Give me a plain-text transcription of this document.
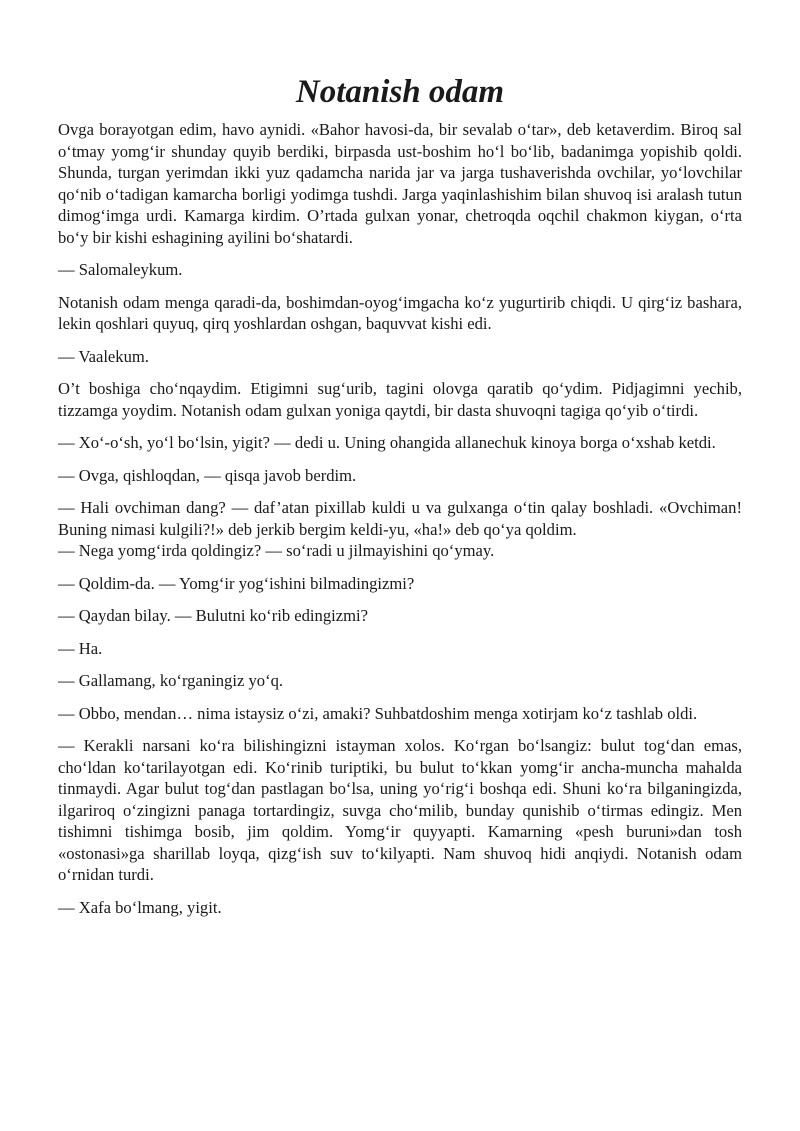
Notanish odam

Ovga borayotgan edim, havo aynidi. «Bahor havosi-da, bir sevalab o‘tar», deb ketaverdim. Biroq sal o‘tmay yomg‘ir shunday quyib berdiki, birpasda ust-boshim ho‘l bo‘lib, badanimga yopishib qoldi. Shunda, turgan yerimdan ikki yuz qadamcha narida jar va jarga tushaverishda ovchilar, yo‘lovchilar qo‘nib o‘tadigan kamarcha borligi yodimga tushdi. Jarga yaqinlashishim bilan shuvoq isi aralash tutun dimog‘imga urdi. Kamarga kirdim. O’rtada gulxan yonar, chetroqda oqchil chakmon kiygan, o‘rta bo‘y bir kishi eshagining ayilini bo‘shatardi.

— Salomaleykum.

Notanish odam menga qaradi-da, boshimdan-oyog‘imgacha ko‘z yugurtirib chiqdi. U qirg‘iz bashara, lekin qoshlari quyuq, qirq yoshlardan oshgan, baquvvat kishi edi.

— Vaalekum.

O’t boshiga cho‘nqaydim. Etigimni sug‘urib, tagini olovga qaratib qo‘ydim. Pidjagimni yechib, tizzamga yoydim. Notanish odam gulxan yoniga qaytdi, bir dasta shuvoqni tagiga qo‘yib o‘tirdi.

— Xo‘-o‘sh, yo‘l bo‘lsin, yigit? — dedi u. Uning ohangida allanechuk kinoya borga o‘xshab ketdi.

— Ovga, qishloqdan, — qisqa javob berdim.

— Hali ovchiman dang? — daf’atan pixillab kuldi u va gulxanga o‘tin qalay boshladi. «Ovchiman! Buning nimasi kulgili?!» deb jerkib bergim keldi-yu, «ha!» deb qo‘ya qoldim.

— Nega yomg‘irda qoldingiz? — so‘radi u jilmayishini qo‘ymay.

— Qoldim-da. — Yomg‘ir yog‘ishini bilmadingizmi?

— Qaydan bilay. — Bulutni ko‘rib edingizmi?

— Ha.

— Gallamang, ko‘rganingiz yo‘q.

— Obbo, mendan… nima istaysiz o‘zi, amaki? Suhbatdoshim menga xotirjam ko‘z tashlab oldi.

— Kerakli narsani ko‘ra bilishingizni istayman xolos. Ko‘rgan bo‘lsangiz: bulut tog‘dan emas, cho‘ldan ko‘tarilayotgan edi. Ko‘rinib turiptiki, bu bulut to‘kkan yomg‘ir ancha-muncha mahalda tinmaydi. Agar bulut tog‘dan pastlagan bo‘lsa, uning yo‘rig‘i boshqa edi. Shuni ko‘ra bilganingizda, ilgariroq o‘zingizni panaga tortardingiz, suvga cho‘milib, bunday qunishib o‘tirmas edingiz. Men tishimni tishimga bosib, jim qoldim. Yomg‘ir quyyapti. Kamarning «pesh buruni»dan tosh «ostonasi»ga sharillab loyqa, qizg‘ish suv to‘kilyapti. Nam shuvoq hidi anqiydi. Notanish odam o‘rnidan turdi.

— Xafa bo‘lmang, yigit.
